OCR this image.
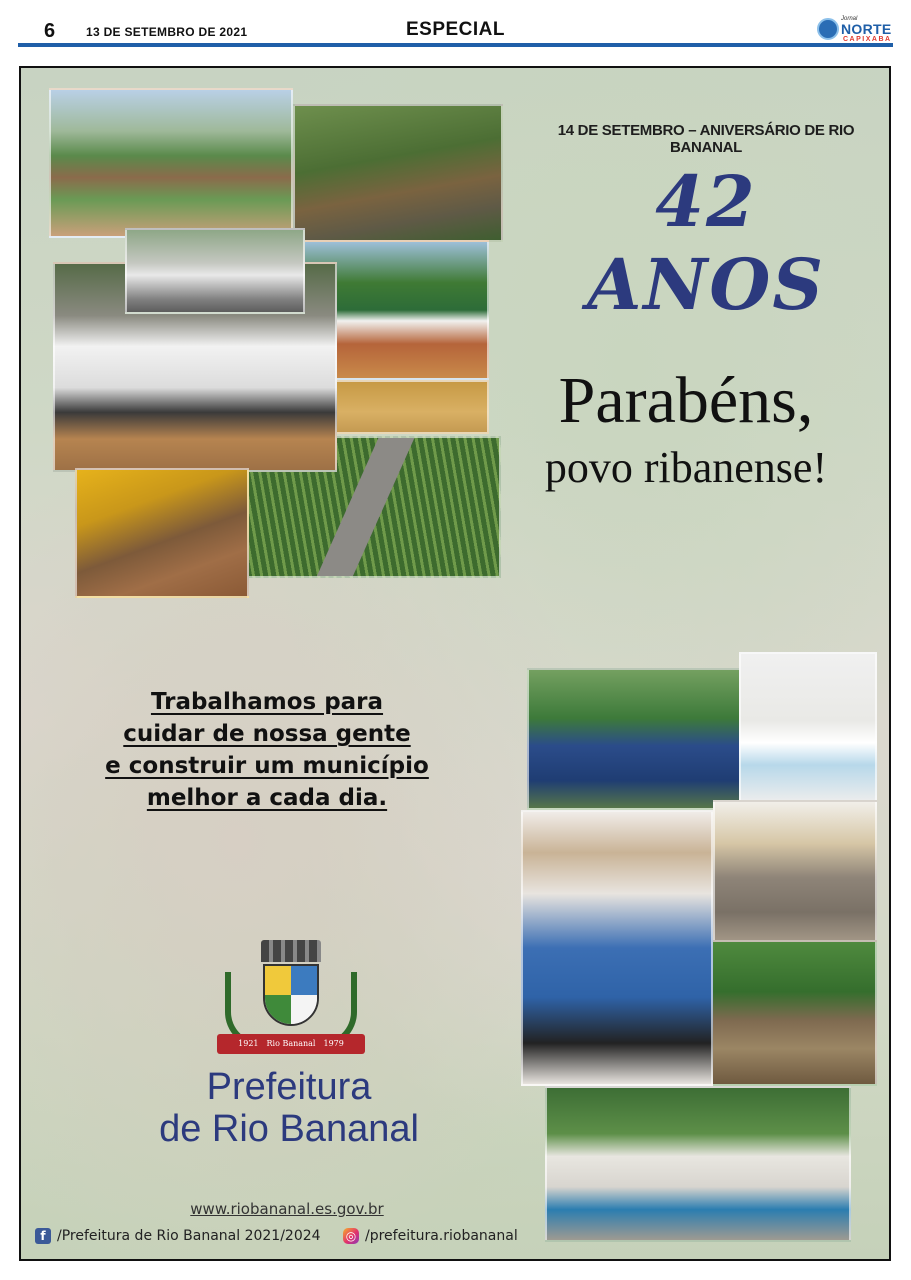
6	13 DE SETEMBRO DE 2021	ESPECIAL	Jornal
NORTE
CAPIXABA
14 DE SETEMBRO – ANIVERSÁRIO DE RIO BANANAL
42 ANOS
Parabéns,
povo ribanense!
Trabalhamos para
cuidar de nossa gente
e construir um município
melhor a cada dia.
1921 Rio Bananal 1979
Prefeitura
de Rio Bananal
www.riobananal.es.gov.br
f /Prefeitura de Rio Bananal 2021/2024 ◎ /prefeitura.riobananal
